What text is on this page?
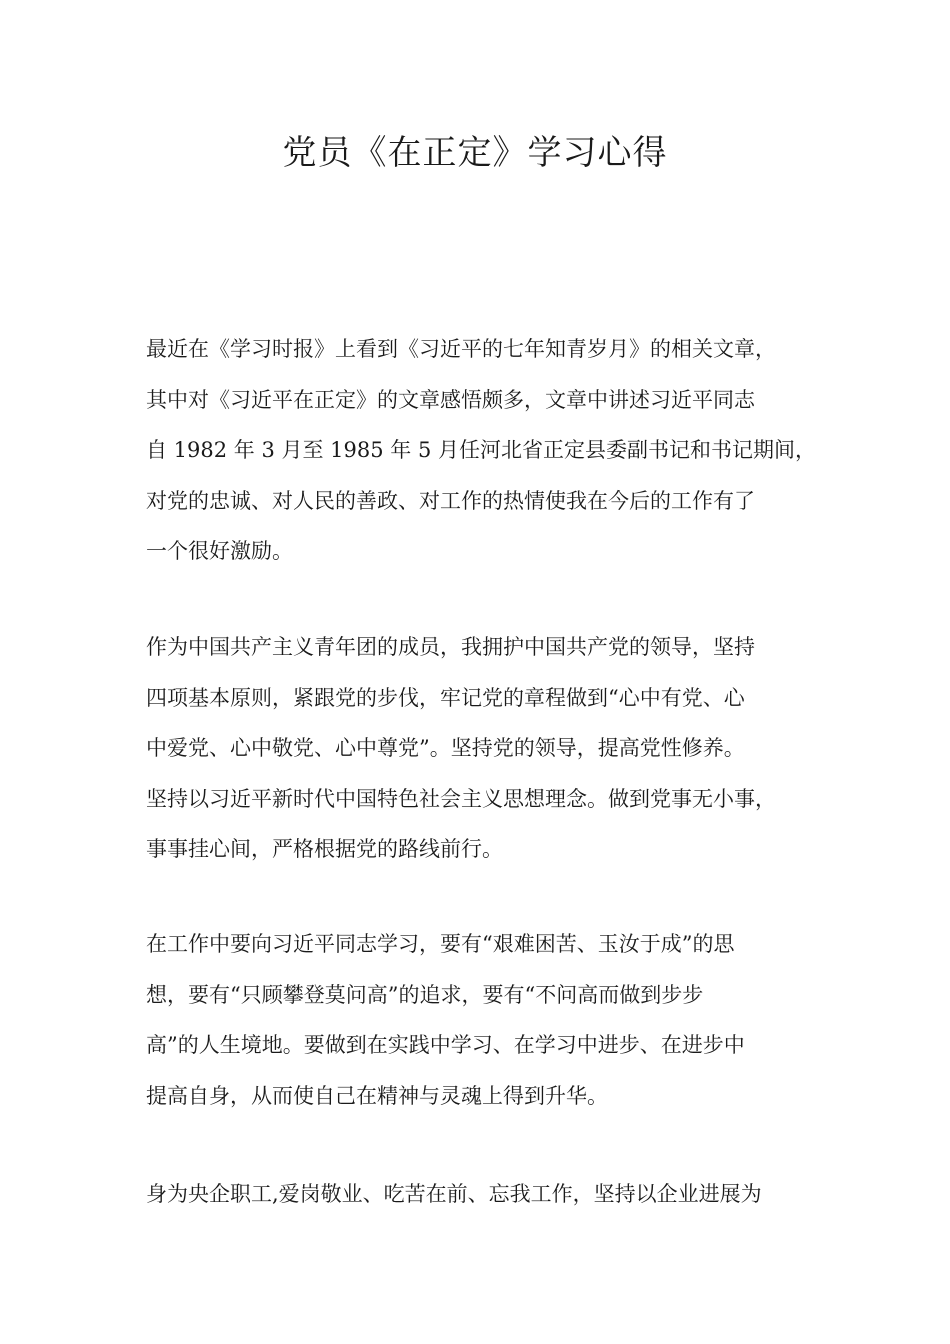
党员《在正定》学习心得
最近在《学习时报》上看到《习近平的七年知青岁月》的相关文章，
其中对《习近平在正定》的文章感悟颇多，文章中讲述习近平同志
自 1982 年 3 月至 1985 年 5 月任河北省正定县委副书记和书记期间，
对党的忠诚、对人民的善政、对工作的热情使我在今后的工作有了
一个很好激励。
作为中国共产主义青年团的成员，我拥护中国共产党的领导，坚持
四项基本原则，紧跟党的步伐，牢记党的章程做到“心中有党、心
中爱党、心中敬党、心中尊党”。坚持党的领导，提高党性修养。
坚持以习近平新时代中国特色社会主义思想理念。做到党事无小事，
事事挂心间，严格根据党的路线前行。
在工作中要向习近平同志学习，要有“艰难困苦、玉汝于成”的思
想，要有“只顾攀登莫问高”的追求，要有“不问高而做到步步
高”的人生境地。要做到在实践中学习、在学习中进步、在进步中
提高自身，从而使自己在精神与灵魂上得到升华。
身为央企职工,爱岗敬业、吃苦在前、忘我工作，坚持以企业进展为
